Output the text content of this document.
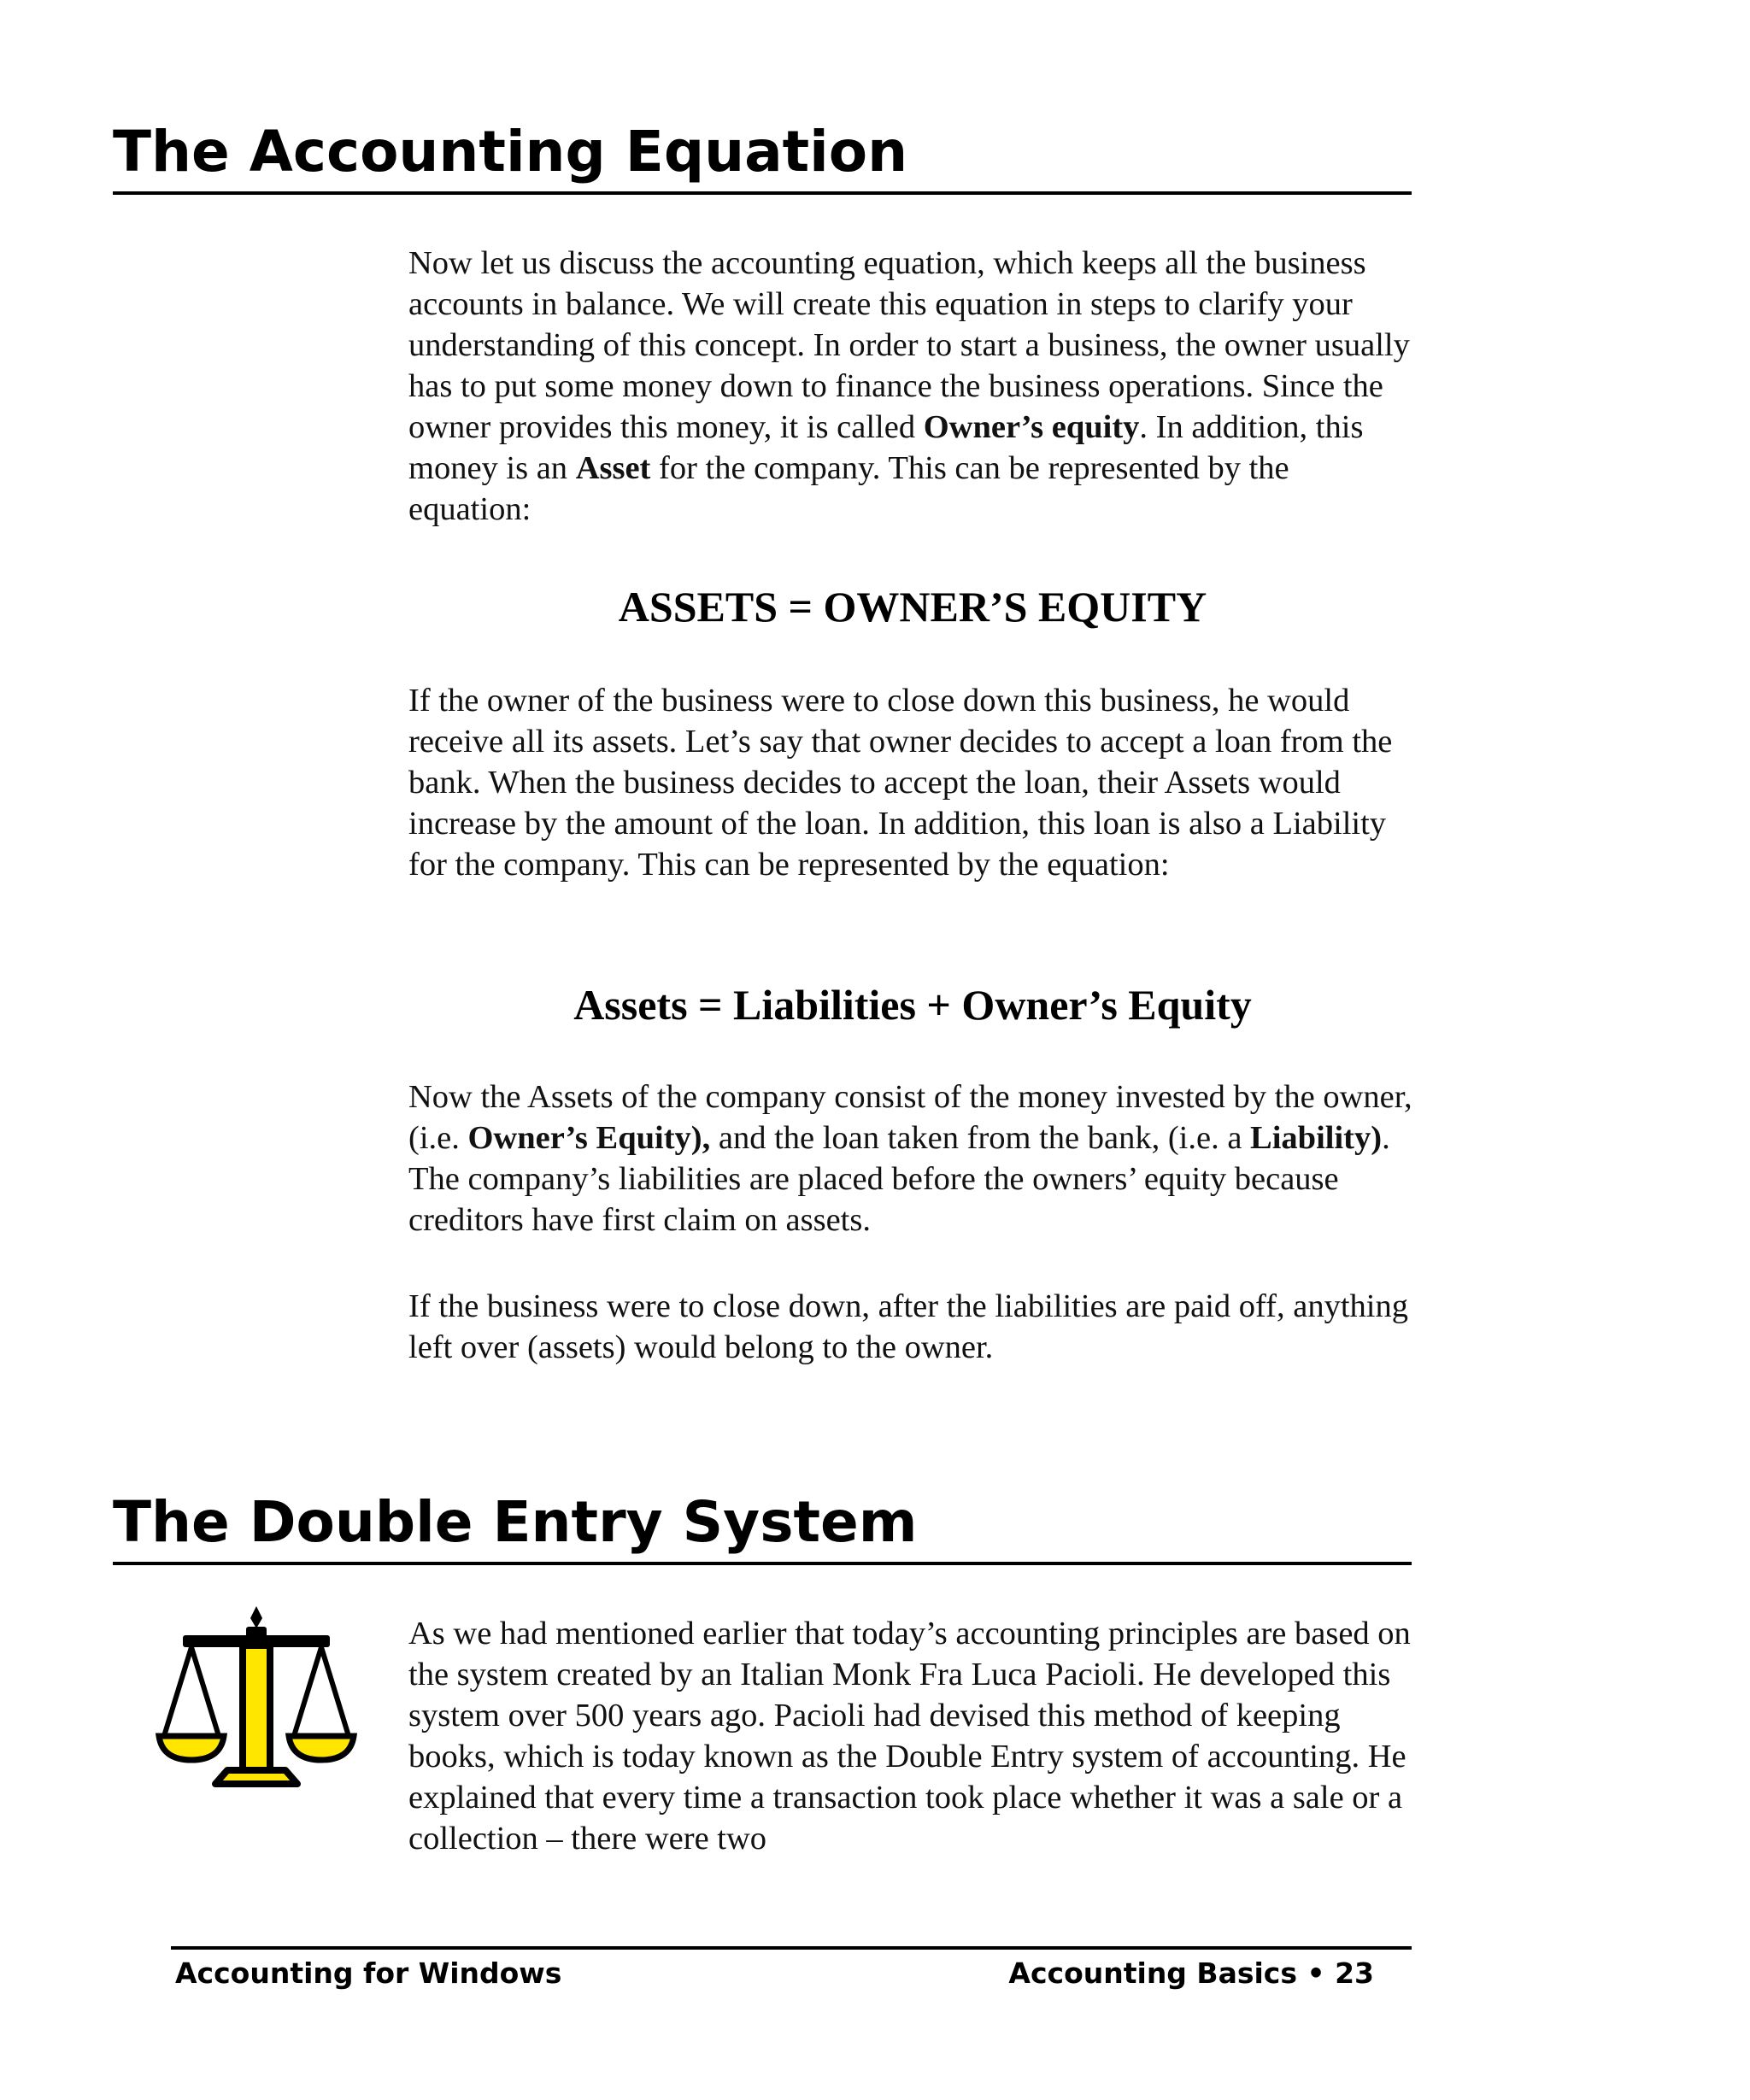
The Accounting Equation

Now let us discuss the accounting equation, which keeps all the business accounts in balance. We will create this equation in steps to clarify your understanding of this concept. In order to start a business, the owner usually has to put some money down to finance the business operations. Since the owner provides this money, it is called Owner’s equity. In addition, this money is an Asset for the company. This can be represented by the equation:

ASSETS = OWNER’S EQUITY

If the owner of the business were to close down this business, he would receive all its assets. Let’s say that owner decides to accept a loan from the bank. When the business decides to accept the loan, their Assets would increase by the amount of the loan. In addition, this loan is also a Liability for the company. This can be represented by the equation:

Assets = Liabilities + Owner’s Equity

Now the Assets of the company consist of the money invested by the owner, (i.e. Owner’s Equity), and the loan taken from the bank, (i.e. a Liability). The company’s liabilities are placed before the owners’ equity because creditors have first claim on assets.

If the business were to close down, after the liabilities are paid off, anything left over (assets) would belong to the owner.

The Double Entry System

As we had mentioned earlier that today’s accounting principles are based on the system created by an Italian Monk Fra Luca Pacioli. He developed this system over 500 years ago. Pacioli had devised this method of keeping books, which is today known as the Double Entry system of accounting. He explained that every time a transaction took place whether it was a sale or a collection – there were two

Accounting for Windows	Accounting Basics • 23
